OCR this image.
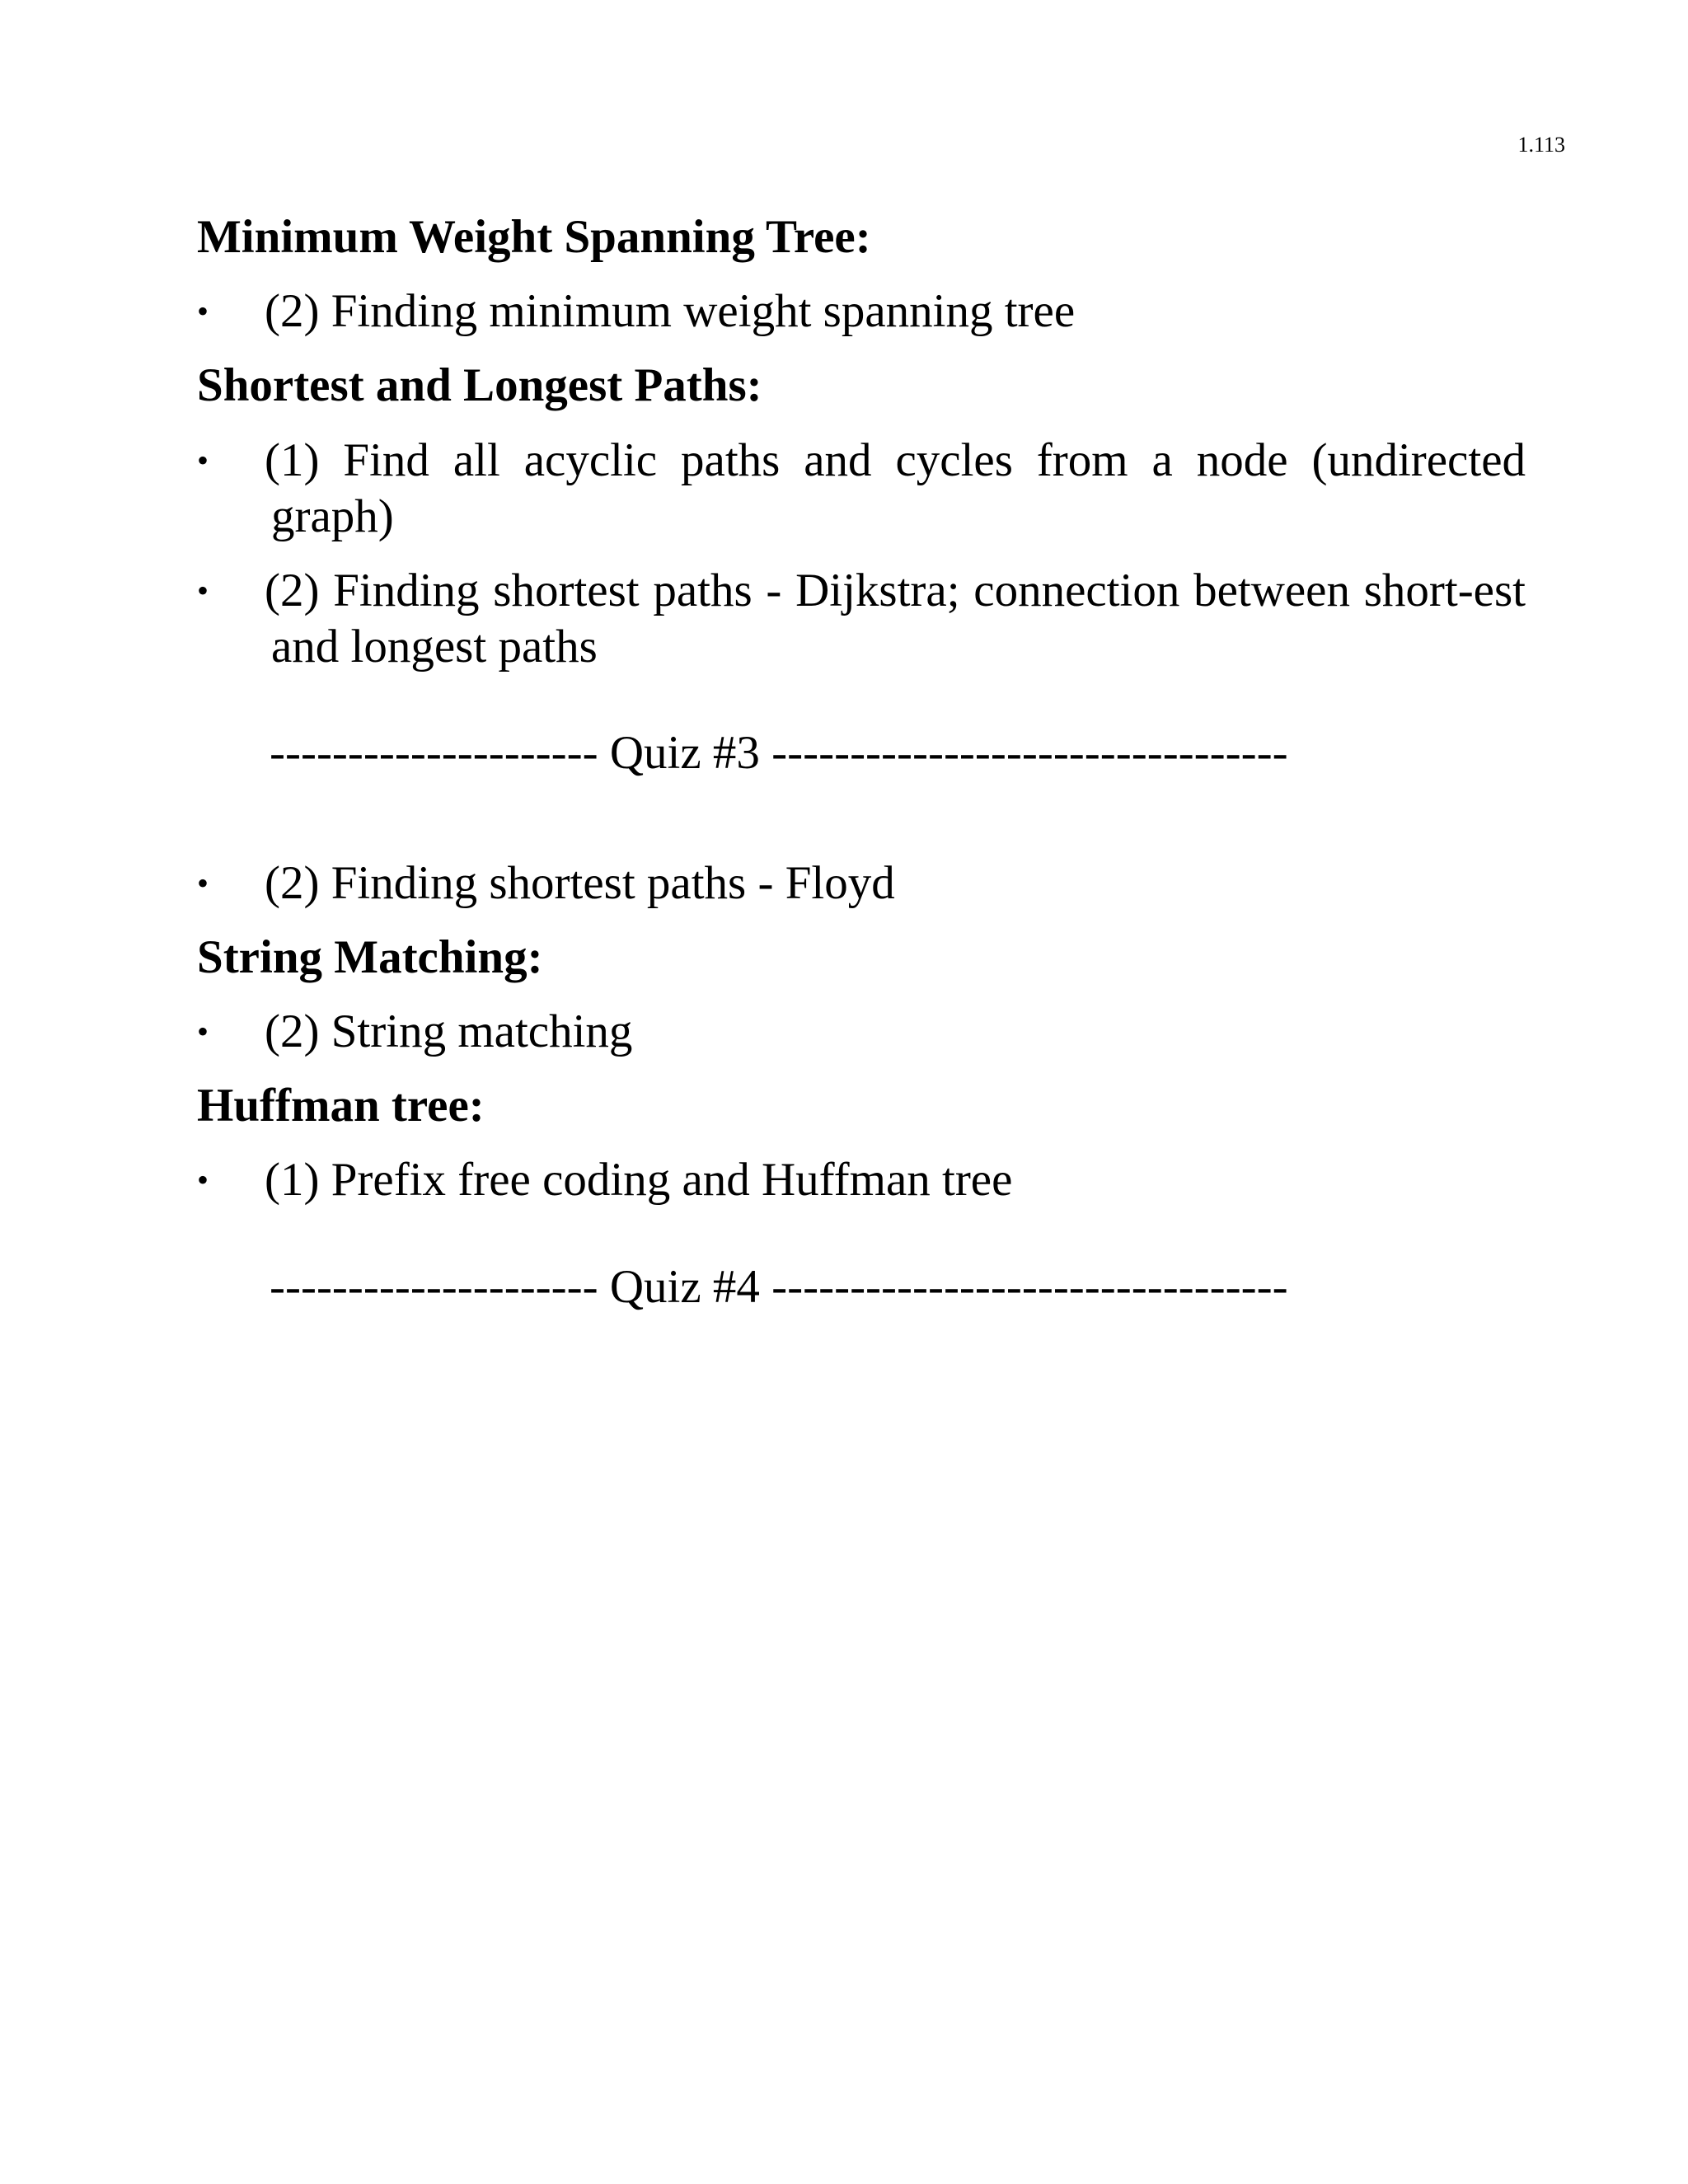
1.113
Minimum Weight Spanning Tree:
•	(2) Finding minimum weight spanning tree
Shortest and Longest Paths:
•	(1) Find all acyclic paths and cycles from a node (undirected graph)
•	(2) Finding shortest paths - Dijkstra; connection between short-est and longest paths
--------------------- Quiz #3 ---------------------------------
•	(2) Finding shortest paths - Floyd
String Matching:
•	(2) String matching
Huffman tree:
•	(1) Prefix free coding and Huffman tree
--------------------- Quiz #4 ---------------------------------
